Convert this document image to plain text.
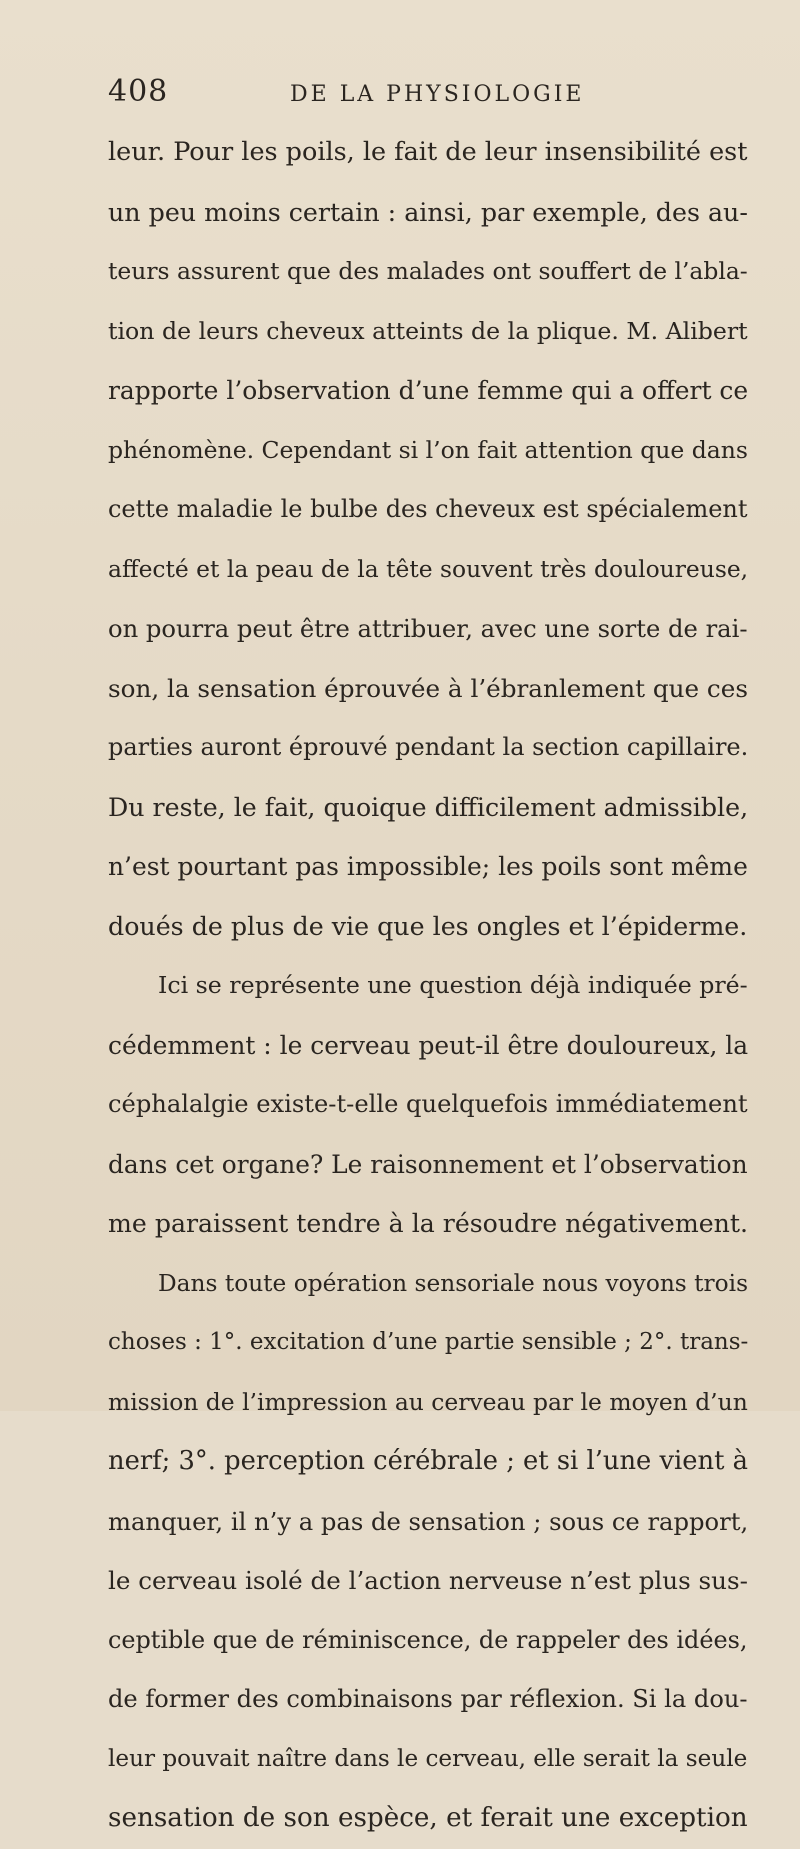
408	DE LA PHYSIOLOGIE
leur. Pour les poils, le fait de leur insensibilité est
un peu moins certain : ainsi, par exemple, des au-
teurs assurent que des malades ont souffert de l’abla-
tion de leurs cheveux atteints de la plique. M. Alibert
rapporte l’observation d’une femme qui a offert ce
phénomène. Cependant si l’on fait attention que dans
cette maladie le bulbe des cheveux est spécialement
affecté et la peau de la tête souvent très douloureuse,
on pourra peut être attribuer, avec une sorte de rai-
son, la sensation éprouvée à l’ébranlement que ces
parties auront éprouvé pendant la section capillaire.
Du reste, le fait, quoique difficilement admissible,
n’est pourtant pas impossible; les poils sont même
doués de plus de vie que les ongles et l’épiderme.
Ici se représente une question déjà indiquée pré-
cédemment : le cerveau peut-il être douloureux, la
céphalalgie existe-t-elle quelquefois immédiatement
dans cet organe? Le raisonnement et l’observation
me paraissent tendre à la résoudre négativement.
Dans toute opération sensoriale nous voyons trois
choses : 1°. excitation d’une partie sensible ; 2°. trans-
mission de l’impression au cerveau par le moyen d’un
nerf; 3°. perception cérébrale ; et si l’une vient à
manquer, il n’y a pas de sensation ; sous ce rapport,
le cerveau isolé de l’action nerveuse n’est plus sus-
ceptible que de réminiscence, de rappeler des idées,
de former des combinaisons par réflexion. Si la dou-
leur pouvait naître dans le cerveau, elle serait la seule
sensation de son espèce, et ferait une exception
